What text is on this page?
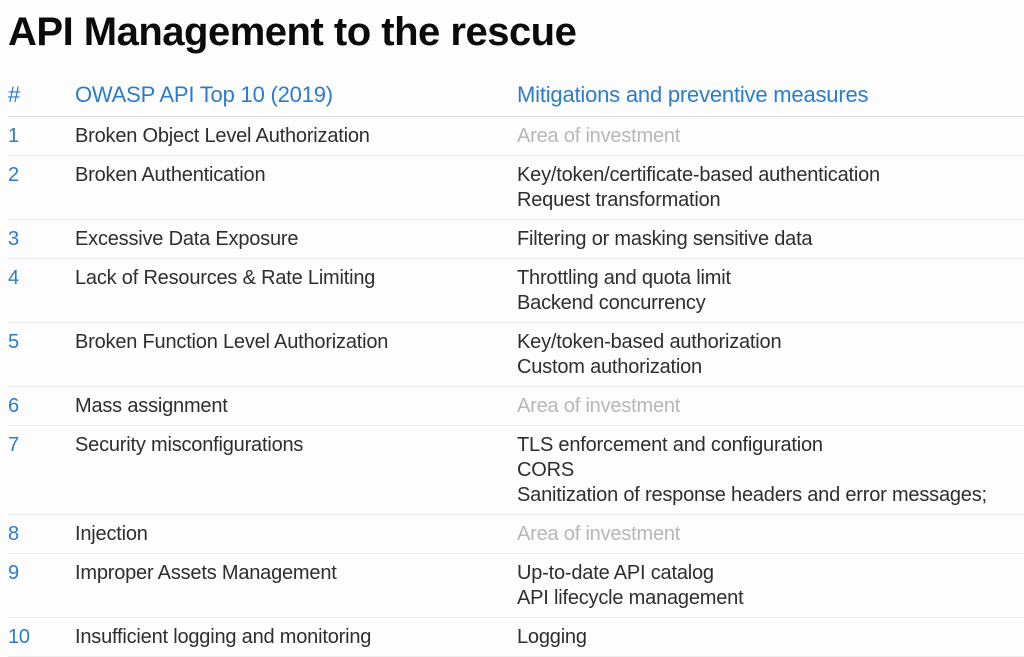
API Management to the rescue
#	OWASP API Top 10 (2019)	Mitigations and preventive measures
1	Broken Object Level Authorization	Area of investment
2	Broken Authentication	Key/token/certificate-based authentication
Request transformation
3	Excessive Data Exposure	Filtering or masking sensitive data
4	Lack of Resources & Rate Limiting	Throttling and quota limit
Backend concurrency
5	Broken Function Level Authorization	Key/token-based authorization
Custom authorization
6	Mass assignment	Area of investment
7	Security misconfigurations	TLS enforcement and configuration
CORS
Sanitization of response headers and error messages;
8	Injection	Area of investment
9	Improper Assets Management	Up-to-date API catalog
API lifecycle management
10	Insufficient logging and monitoring	Logging
